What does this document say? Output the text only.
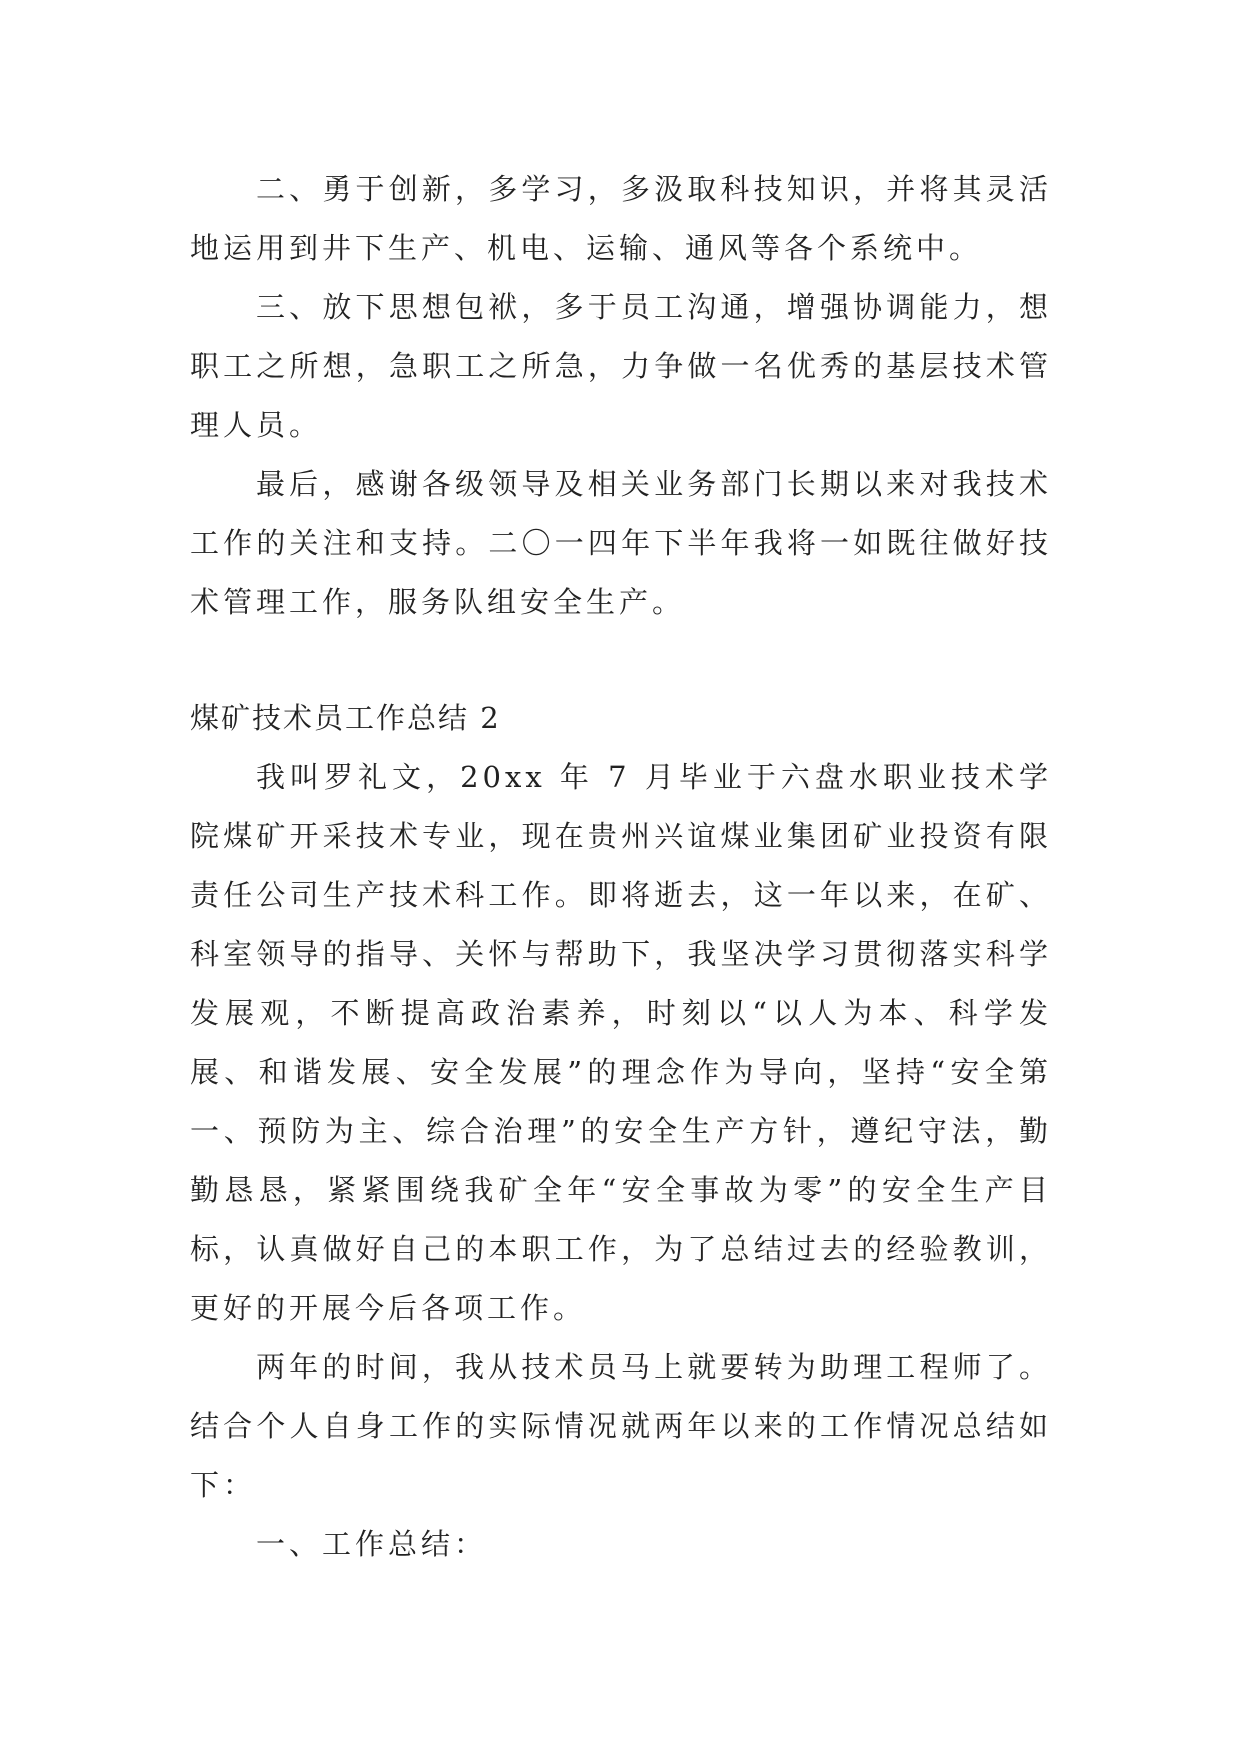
二、勇于创新，多学习，多汲取科技知识，并将其灵活地运用到井下生产、机电、运输、通风等各个系统中。

三、放下思想包袱，多于员工沟通，增强协调能力，想职工之所想，急职工之所急，力争做一名优秀的基层技术管理人员。

最后，感谢各级领导及相关业务部门长期以来对我技术工作的关注和支持。二〇一四年下半年我将一如既往做好技术管理工作，服务队组安全生产。

煤矿技术员工作总结 2

我叫罗礼文，20xx 年 7 月毕业于六盘水职业技术学院煤矿开采技术专业，现在贵州兴谊煤业集团矿业投资有限责任公司生产技术科工作。即将逝去，这一年以来，在矿、科室领导的指导、关怀与帮助下，我坚决学习贯彻落实科学发展观，不断提高政治素养，时刻以“以人为本、科学发展、和谐发展、安全发展”的理念作为导向，坚持“安全第一、预防为主、综合治理”的安全生产方针，遵纪守法，勤勤恳恳，紧紧围绕我矿全年“安全事故为零”的安全生产目标，认真做好自己的本职工作，为了总结过去的经验教训，更好的开展今后各项工作。

两年的时间，我从技术员马上就要转为助理工程师了。结合个人自身工作的实际情况就两年以来的工作情况总结如下：

一、工作总结：
